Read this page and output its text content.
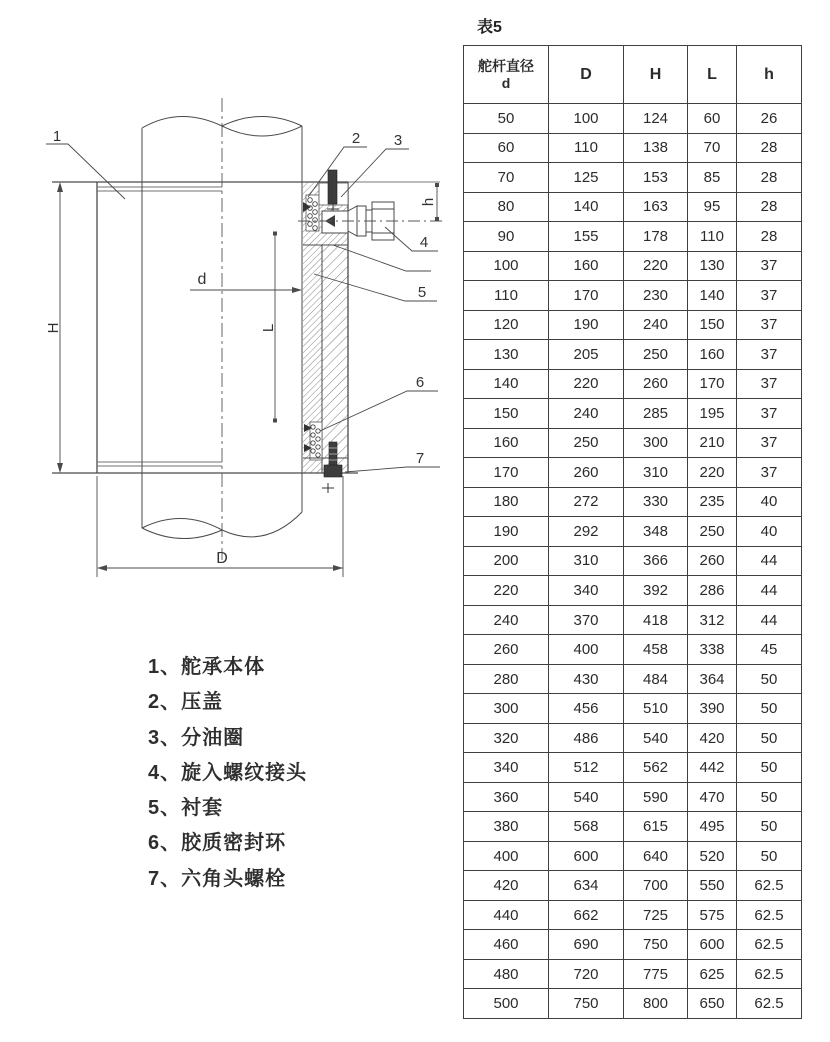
H
d
L
D
h
1	2 3
4
5
6
7
1、舵承本体
2、压盖
3、分油圈
4、旋入螺纹接头
5、衬套
6、胶质密封环
7、六角头螺栓
表5
舵杆直径
d	D	H	L	h
50	100	124	60	26
60	110	138	70	28
70	125	153	85	28
80	140	163	95	28
90	155	178	110	28
100	160	220	130	37
110	170	230	140	37
120	190	240	150	37
130	205	250	160	37
140	220	260	170	37
150	240	285	195	37
160	250	300	210	37
170	260	310	220	37
180	272	330	235	40
190	292	348	250	40
200	310	366	260	44
220	340	392	286	44
240	370	418	312	44
260	400	458	338	45
280	430	484	364	50
300	456	510	390	50
320	486	540	420	50
340	512	562	442	50
360	540	590	470	50
380	568	615	495	50
400	600	640	520	50
420	634	700	550	62.5
440	662	725	575	62.5
460	690	750	600	62.5
480	720	775	625	62.5
500	750	800	650	62.5
